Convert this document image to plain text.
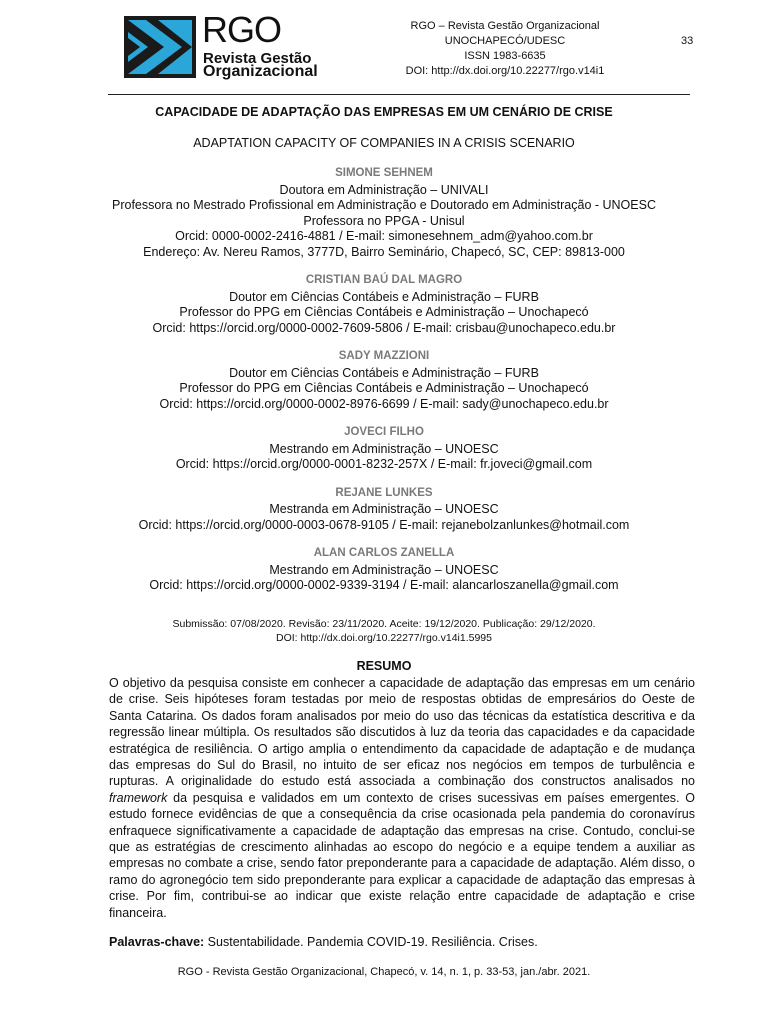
RGO
Revista Gestão
Organizacional
RGO – Revista Gestão Organizacional
UNOCHAPECÓ/UDESC
ISSN 1983-6635
DOI: http://dx.doi.org/10.22277/rgo.v14i1
33
CAPACIDADE DE ADAPTAÇÃO DAS EMPRESAS EM UM CENÁRIO DE CRISE
ADAPTATION CAPACITY OF COMPANIES IN A CRISIS SCENARIO
SIMONE SEHNEM
Doutora em Administração – UNIVALI
Professora no Mestrado Profissional em Administração e Doutorado em Administração - UNOESC
Professora no PPGA - Unisul
Orcid: 0000-0002-2416-4881 / E-mail: simonesehnem_adm@yahoo.com.br
Endereço: Av. Nereu Ramos, 3777D, Bairro Seminário, Chapecó, SC, CEP: 89813-000
CRISTIAN BAÚ DAL MAGRO
Doutor em Ciências Contábeis e Administração – FURB
Professor do PPG em Ciências Contábeis e Administração – Unochapecó
Orcid: https://orcid.org/0000-0002-7609-5806 / E-mail: crisbau@unochapeco.edu.br
SADY MAZZIONI
Doutor em Ciências Contábeis e Administração – FURB
Professor do PPG em Ciências Contábeis e Administração – Unochapecó
Orcid: https://orcid.org/0000-0002-8976-6699 / E-mail: sady@unochapeco.edu.br
JOVECI FILHO
Mestrando em Administração – UNOESC
Orcid: https://orcid.org/0000-0001-8232-257X / E-mail: fr.joveci@gmail.com
REJANE LUNKES
Mestranda em Administração – UNOESC
Orcid: https://orcid.org/0000-0003-0678-9105 / E-mail: rejanebolzanlunkes@hotmail.com
ALAN CARLOS ZANELLA
Mestrando em Administração – UNOESC
Orcid: https://orcid.org/0000-0002-9339-3194 / E-mail: alancarloszanella@gmail.com
Submissão: 07/08/2020. Revisão: 23/11/2020. Aceite: 19/12/2020. Publicação: 29/12/2020.
DOI: http://dx.doi.org/10.22277/rgo.v14i1.5995
RESUMO
O objetivo da pesquisa consiste em conhecer a capacidade de adaptação das empresas em um cenário de crise. Seis hipóteses foram testadas por meio de respostas obtidas de empresários do Oeste de Santa Catarina. Os dados foram analisados por meio do uso das técnicas da estatística descritiva e da regressão linear múltipla. Os resultados são discutidos à luz da teoria das capacidades e da capacidade estratégica de resiliência. O artigo amplia o entendimento da capacidade de adaptação e de mudança das empresas do Sul do Brasil, no intuito de ser eficaz nos negócios em tempos de turbulência e rupturas. A originalidade do estudo está associada a combinação dos constructos analisados no framework da pesquisa e validados em um contexto de crises sucessivas em países emergentes. O estudo fornece evidências de que a consequência da crise ocasionada pela pandemia do coronavírus enfraquece significativamente a capacidade de adaptação das empresas na crise. Contudo, conclui-se que as estratégias de crescimento alinhadas ao escopo do negócio e a equipe tendem a auxiliar as empresas no combate a crise, sendo fator preponderante para a capacidade de adaptação. Além disso, o ramo do agronegócio tem sido preponderante para explicar a capacidade de adaptação das empresas à crise. Por fim, contribui-se ao indicar que existe relação entre capacidade de adaptação e crise financeira.
Palavras-chave: Sustentabilidade. Pandemia COVID-19. Resiliência. Crises.
RGO - Revista Gestão Organizacional, Chapecó, v. 14, n. 1, p. 33-53, jan./abr. 2021.
